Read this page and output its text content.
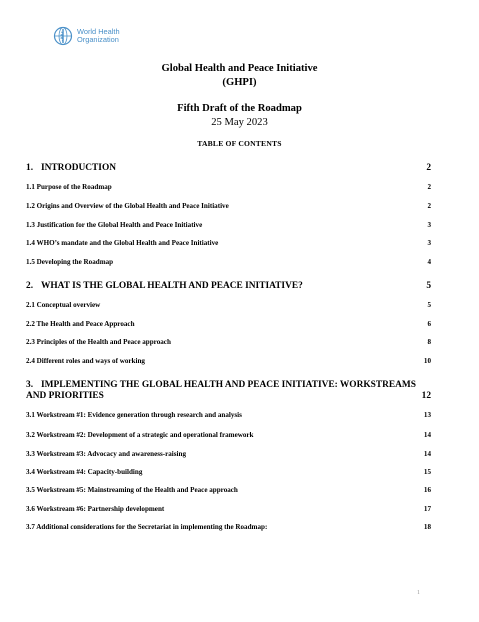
World Health
Organization
Global Health and Peace Initiative
(GHPI)
Fifth Draft of the Roadmap
25 May 2023
TABLE OF CONTENTS
1. INTRODUCTION	2
1.1 Purpose of the Roadmap	2
1.2 Origins and Overview of the Global Health and Peace Initiative	2
1.3 Justification for the Global Health and Peace Initiative	3
1.4 WHO’s mandate and the Global Health and Peace Initiative	3
1.5 Developing the Roadmap	4
2. WHAT IS THE GLOBAL HEALTH AND PEACE INITIATIVE?	5
2.1 Conceptual overview	5
2.2 The Health and Peace Approach	6
2.3 Principles of the Health and Peace approach	8
2.4 Different roles and ways of working	10
3. IMPLEMENTING THE GLOBAL HEALTH AND PEACE INITIATIVE: WORKSTREAMS AND PRIORITIES	12
3.1 Workstream #1: Evidence generation through research and analysis	13
3.2 Workstream #2: Development of a strategic and operational framework	14
3.3 Workstream #3: Advocacy and awareness-raising	14
3.4 Workstream #4: Capacity-building	15
3.5 Workstream #5: Mainstreaming of the Health and Peace approach	16
3.6 Workstream #6: Partnership development	17
3.7 Additional considerations for the Secretariat in implementing the Roadmap:	18
1
